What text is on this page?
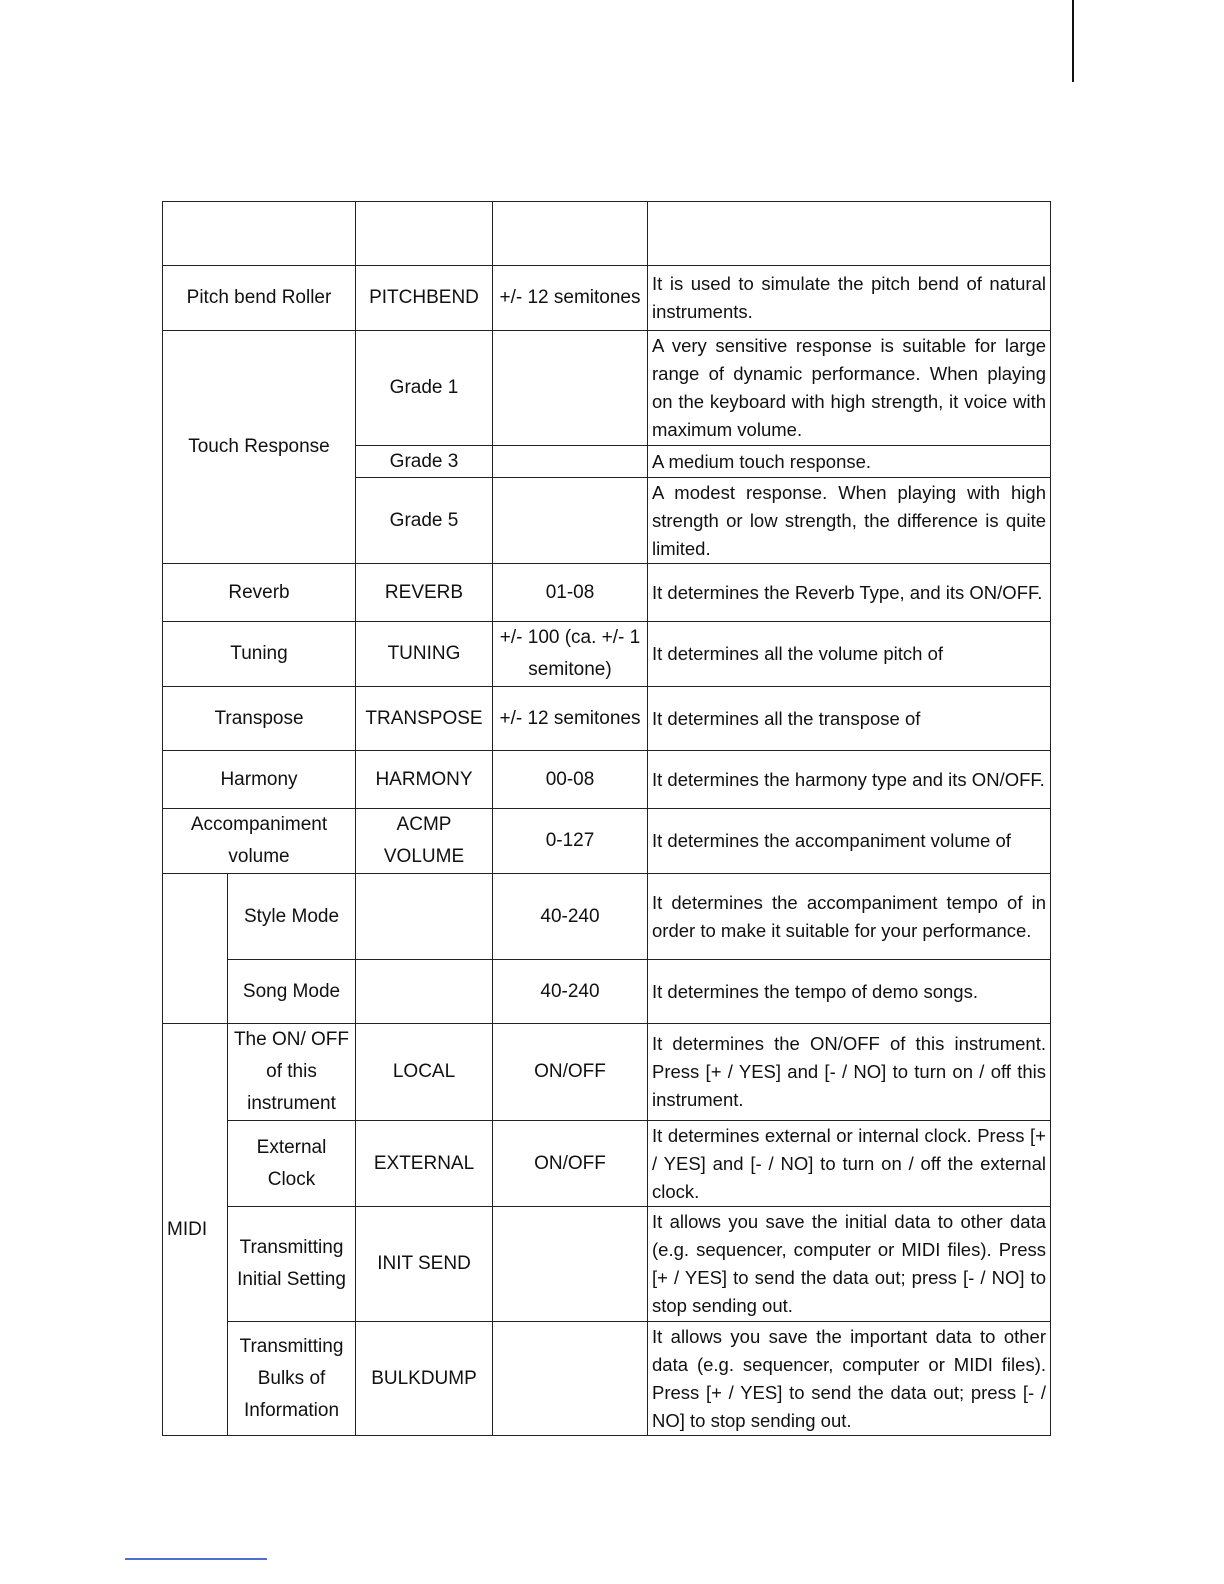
Pitch bend Roller		PITCHBEND	+/- 12 semitones	It is used to simulate the pitch bend of natural instruments.
Touch Response		Grade 1		A very sensitive response is suitable for large range of dynamic performance. When playing on the keyboard with high strength, it voice with maximum volume.
		Grade 3		A medium touch response.
		Grade 5		A modest response. When playing with high strength or low strength, the difference is quite limited.
Reverb		REVERB	01-08	It determines the Reverb Type, and its ON/OFF.
Tuning		TUNING	+/- 100 (ca. +/- 1 semitone)	It determines all the volume pitch of
Transpose		TRANSPOSE	+/- 12 semitones	It determines all the transpose of
Harmony		HARMONY	00-08	It determines the harmony type and its ON/OFF.
Accompaniment volume		ACMP VOLUME	0-127	It determines the accompaniment volume of
	Style Mode		40-240	It determines the accompaniment tempo of in order to make it suitable for your performance.
	Song Mode		40-240	It determines the tempo of demo songs.
MIDI	The ON/ OFF of this instrument	LOCAL	ON/OFF	It determines the ON/OFF of this instrument. Press [+ / YES] and [- / NO] to turn on / off this instrument.
	External Clock	EXTERNAL	ON/OFF	It determines external or internal clock. Press [+ / YES] and [- / NO] to turn on / off the external clock.
	Transmitting Initial Setting	INIT SEND		It allows you save the initial data to other data (e.g. sequencer, computer or MIDI files). Press [+ / YES] to send the data out; press [- / NO] to stop sending out.
	Transmitting Bulks of Information	BULKDUMP		It allows you save the important data to other data (e.g. sequencer, computer or MIDI files). Press [+ / YES] to send the data out; press [- / NO] to stop sending out.
